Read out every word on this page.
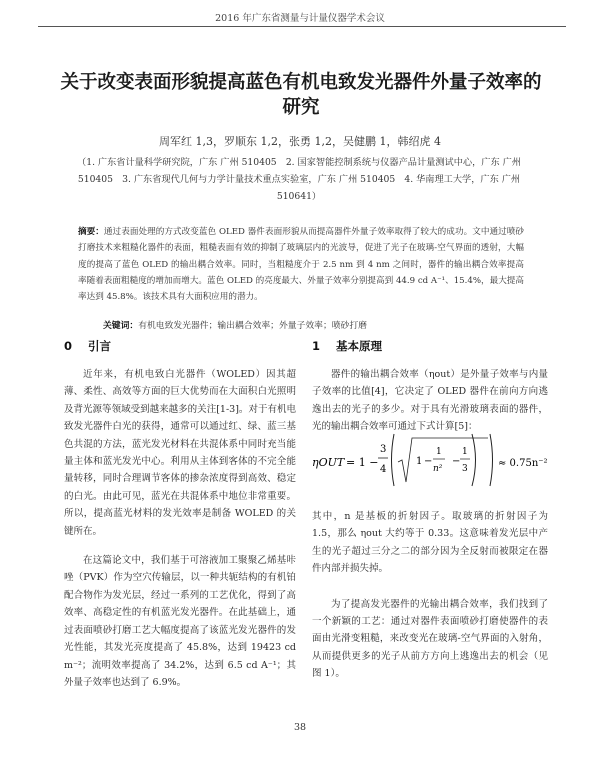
2016 年广东省测量与计量仪器学术会议
关于改变表面形貌提高蓝色有机电致发光器件外量子效率的研究
周军红 1,3，罗顺东 1,2，张勇 1,2，吴健鹏 1，韩绍虎 4
（1. 广东省计量科学研究院，广东 广州 510405　2. 国家智能控制系统与仪器产品计量测试中心，广东 广州 510405　3. 广东省现代几何与力学计量技术重点实验室，广东 广州 510405　4. 华南理工大学，广东 广州 510641）
摘要：通过表面处理的方式改变蓝色 OLED 器件表面形貌从而提高器件外量子效率取得了较大的成功。文中通过喷砂打磨技术来粗糙化器件的表面，粗糙表面有效的抑制了玻璃层内的光波导，促进了光子在玻璃-空气界面的透射，大幅度的提高了蓝色 OLED 的输出耦合效率。同时，当粗糙度介于 2.5 nm 到 4 nm 之间时，器件的输出耦合效率提高率随着表面粗糙度的增加而增大。蓝色 OLED 的亮度最大、外量子效率分别提高到 44.9 cd A⁻¹、15.4%，最大提高率达到 45.8%。该技术具有大面积应用的潜力。
关键词：有机电致发光器件；输出耦合效率；外量子效率；喷砂打磨
0 引言

近年来，有机电致白光器件（WOLED）因其超薄、柔性、高效等方面的巨大优势而在大面积白光照明及背光源等领域受到越来越多的关注[1-3]。对于有机电致发光器件白光的获得，通常可以通过红、绿、蓝三基色共混的方法，蓝光发光材料在共混体系中同时充当能量主体和蓝光发光中心。利用从主体到客体的不完全能量转移，同时合理调节客体的掺杂浓度得到高效、稳定的白光。由此可见，蓝光在共混体系中地位非常重要。所以，提高蓝光材料的发光效率是制备 WOLED 的关键所在。

在这篇论文中，我们基于可溶液加工聚聚乙烯基咔唑（PVK）作为空穴传输层，以一种共轭结构的有机铂配合物作为发光层，经过一系列的工艺优化，得到了高效率、高稳定性的有机蓝光发光器件。在此基础上，通过表面喷砂打磨工艺大幅度提高了该蓝光发光器件的发光性能，其发光亮度提高了 45.8%，达到 19423 cd m⁻²；流明效率提高了 34.2%，达到 6.5 cd A⁻¹；其外量子效率也达到了 6.9%。

1 基本原理

器件的输出耦合效率（ηout）是外量子效率与内量子效率的比值[4]，它决定了 OLED 器件在前向方向逃逸出去的光子的多少。对于具有光滑玻璃表面的器件，光的输出耦合效率可通过下式计算[5]：

ηOUT = 1 −
3
4
1 −
1
n²
−
1
3	≈ 0.75n⁻²

其中，n 是基板的折射因子。取玻璃的折射因子为 1.5，那么 ηout 大约等于 0.33。这意味着发光层中产生的光子超过三分之二的部分因为全反射而被限定在器件内部并损失掉。

为了提高发光器件的光输出耦合效率，我们找到了一个新颖的工艺：通过对器件表面喷砂打磨使器件的表面由光滑变粗糙，来改变光在玻璃-空气界面的入射角，从而提供更多的光子从前方方向上逃逸出去的机会（见图 1）。

38
